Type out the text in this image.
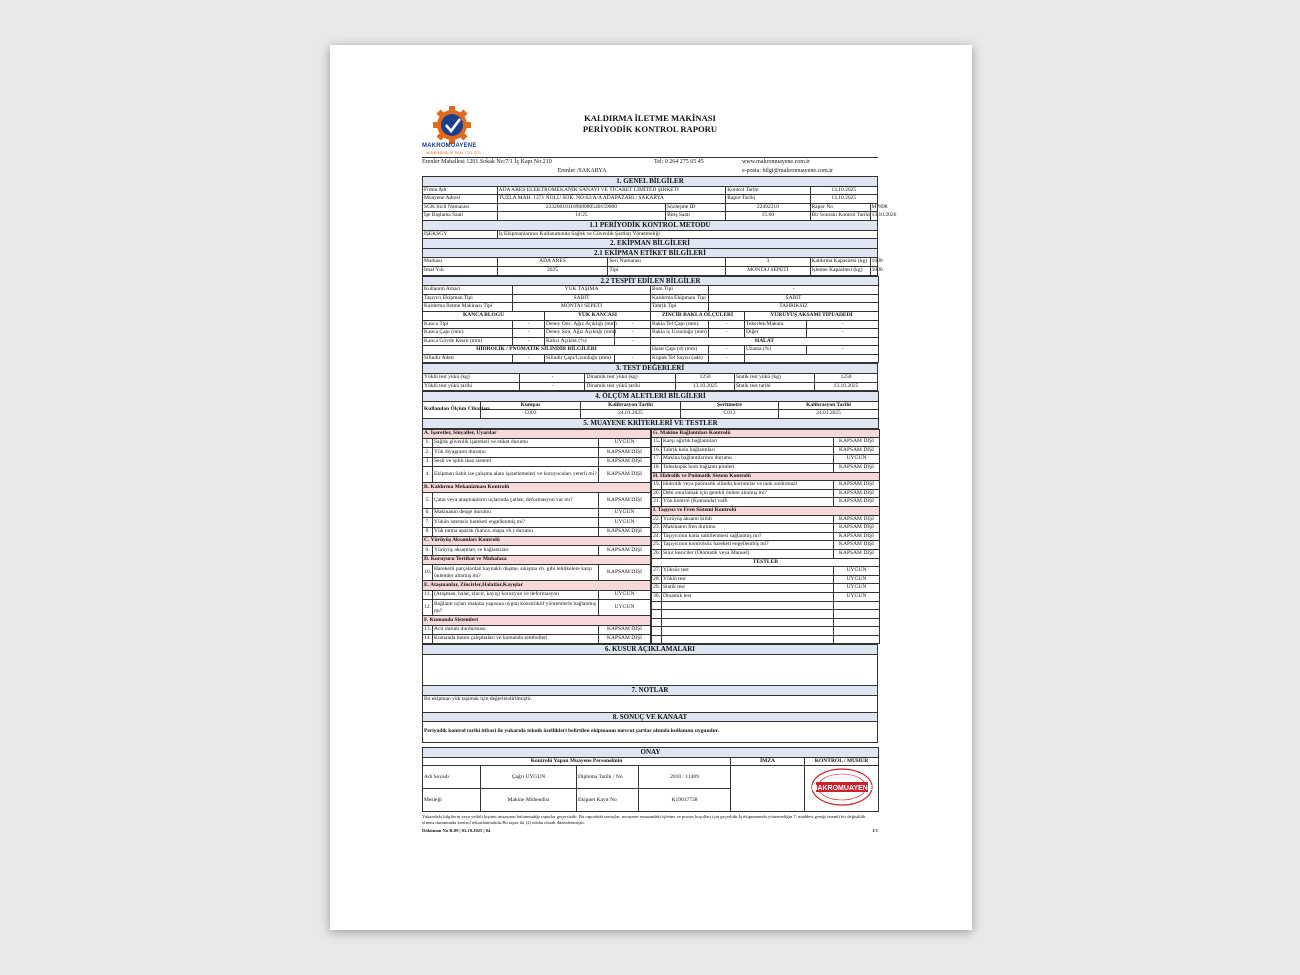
MAKROMUAYENE
MÜHENDİSLİK SAN. LTD. ŞTİ.
KALDIRMA İLETME MAKİNASI
PERİYODİK KONTROL RAPORU
Erenler Mahallesi 1201.Sokak No:7/1 İç Kapı No:210	Tel: 0 264 275 65 45	www.makromuayene.com.tr
Erenler /SAKARYA	e-posta: bilgi@makromuayene.com.tr
1. GENEL BİLGİLER						
Firma Adı	ADA ARES ELEKTROMEKANİK SANAYİ VE TİCARET LİMİTED ŞİRKETİ			Kontrol Tarihi	13.10.2025	
Muayene Adresi	TUZLA MAH. 1271 NOLU SOK. NO:62/A/A ADAPAZARI / SAKARYA			Rapor Tarihi	13.10.2025	
SGK Sicil Numarası	23320010110968080540159000		Sözleşme ID	22492210	Rapor No	M7898
İşe Başlama Saati	14:25		Bitiş Saati	15:00	Bir Sonraki Kontrol Tarihi	13.10.2026
1.1 PERİYODİK KONTROL METODU						
İŞEKSGŸ	İş Ekipmanlarının Kullanımında Sağlık ve Güvenlik Şartları Yönetmeliği					
2. EKİPMAN BİLGİLERİ						
2.1 EKİPMAN ETİKET BİLGİLERİ						
Markası	ADA ARES	Seri Numarası		3	Kaldırma Kapasitesi (kg)	1000
İmal Yılı	2025	Tipi		MONTAJ SEPETİ	İşletme Kapasitesi (kg)	1000
2.2 TESPİT EDİLEN BİLGİLER							
Kullanım Amacı	YÜK TAŞIMA			Bom Tipi	-		
Taşıyıcı Ekipman Tipi	SABİT			Kaldırma Ekipmanı Tipi	SABİT		
Kaldırma İletme Makinası Tipi	MONTAJ SEPETİ			Tahrik Tipi	TAHRİKSİZ		
KANCA BLOĞU		YÜK KANCASI		ZİNCİR BAKLA ÖLÇÜLERİ		YÜRÜYÜŞ AKSAMI TİPİ/ADEDİ	
Kanca Tipi	-	Deney Önc. Ağız Açıklığı (mm)	-	Bakla Tel Çapı (mm)	-	Tekerlek/Makara	-
Kanca Çapı (mm)	-	Deney Son. Ağız Açıklığı (mm)	-	Bakla iç Uzunluğu (mm)	-	Diğer	-
Kanca Gövde Kesiti (mm)	-	Kalıcı Açıklık (%)	-	HALAT			
HİDROLİK / PNÖMATİK SİLİNDİR BİLGİLERİ				Halat Çapı (d) (mm)	-	Uzama (%)	-
Silindir Adeti	-	Silindir Çapı/Uzunluğu (mm)	-	Kopuk Tel Sayısı (ade)	-		
3. TEST DEĞERLERİ					
Yüklü test yükü (kg)	-	Dinamik test yükü (kg)	1250	Statik test yükü (kg)	1250
Yüklü test yükü tarihi	-	Dinamik test yükü tarihi	13.10.2025	Statik test tarihi	13.10.2025
4. ÖLÇÜM ALETLERİ BİLGİLERİ				
Kullanılan Ölçüm Cihazları	Kumpas	Kalibrasyon Tarihi	Şeritmetre	Kalibrasyon Tarihi
	C003	24.01.2025	C013	24.01.2025
5. MUAYENE KRİTERLERİ VE TESTLER				
A. İşaretler, Sinyaller, Uyarılar		
1.	Sağlık güvenlik işaretleri ve etiket durumu	UYGUN
2.	Yük diyagramı durumu	KAPSAM DIŞI
3.	Sesli ve ışıklı ikaz sistemi	KAPSAM DIŞI
4.	Ekipman Sabit ise çalışma alanı işaretlemeleri ve koruyucuları yeterli mi?	KAPSAM DIŞI
B. Kaldırma Mekanizması Kontrolü		
5.	Çatal veya ataşmanların uçlarında çatlak, deformasyon var mı?	KAPSAM DIŞI
6.	Makinanın denge durumu	UYGUN
7.	Yükün istemsiz hareketi engellenmiş mi?	UYGUN
8.	Yük tutma aparatı (kanca, mapa vb.) durumu	KAPSAM DIŞI
C. Yürüyüş Aksamları Kontrolü		
9.	Yürüyüş aksamları ve bağlantıları	KAPSAM DIŞI
D. Koruyucu Tertibat ve Muhafaza		
10.	Hareketli parçalardan kaynaklı düşme, sıkışma vb. gibi tehlikelere karşı önlemler alınmış mı?	KAPSAM DIŞI
E. Ataşmanlar, Zincirler,Halatlar,Kayışlar		
11.	(Ataşman, halat, zincir, kayış) korozyon ve deformasyon	UYGUN
12.	Bağlantı uçları makina yapısına uygun konstrüktif yöntemlerle bağlanmış mı?	UYGUN
F. Kumanda Sistemleri		
13.	Acil durum durdurması	KAPSAM DIŞI
14.	Kumanda buton çalışmaları ve kumanda sembolleri	KAPSAM DIŞI
G. Makine Bağlantıları Kontrolü		
15.	Karşı ağırlık bağlantıları	KAPSAM DIŞI
16.	Tahrik kolu bağlantıları	KAPSAM DIŞI
17.	Makina bağlantılarının durumu	UYGUN
18.	Teleskopik bom bağlantı pimleri	KAPSAM DIŞI
H. Hidrolik ve Pnömatik Sistem Kontrolü		
19.	Hidrolik veya pnömatik silindir,hortumlar ve tank sızdırmazl	KAPSAM DIŞI
20.	Debi sınırlamak için gerekli önlem alınmış mı?	KAPSAM DIŞI
21.	Yön kontrol (Kumanda) valfi	KAPSAM DIŞI
I. Taşıyıcı ve Fren Sistemi Kontrolü		
22.	Yürüyüş aksamı kilidi	KAPSAM DIŞI
23.	Makinanın fren durumu	KAPSAM DIŞI
24.	Taşıyıcının katta sabitlenmesi sağlanmış mı?	KAPSAM DIŞI
25.	Taşıyıcının kontrolsüz hareketi engellenmiş mi?	KAPSAM DIŞI
26.	Sınır kesiciler (Otomatik veya Manuel)	KAPSAM DIŞI
TESTLER		
27.	Yüksüz test	UYGUN
28.	Yüklü test	UYGUN
29.	Statik test	UYGUN
30.	Dinamik test	UYGUN

6. KUSUR AÇIKLAMALARI

7. NOTLAR
Bu ekipman yük taşımak için değerlendirilmiştir.
8. SONUÇ VE KANAAT
Periyodik kontrol tarihi itibari ile yukarıda teknik özellikleri belirtilen ekipmanın mevcut şartlar altında kullanımı uygundur.
ONAY					
Kontrolü Yapan Muayene Personelinin				İMZA	KONTROL / MÜHÜR
Adı Soyadı	Çağrı UYGUN	Diploma Tarihi / No	2010 / 11409		MAKROMUAYENE

Mesleği	Makine Mühendisi	Ekipnet Kayıt No	K19017738		
Yukarıdaki bilgilerin veya yetkili kişinin imzasının bulunmadığı raporlar geçersizdir. Bu rapordaki sonuçlar, muayene esnasındaki işletme ve proses koşulları için geçerlidir.İş ekipmanında yönetmeliğin 7. maddesi gereği önemli bir değişiklik olması durumunda kontrol tekrarlanmalıdır.Bu rapor iki (2) nüsha olarak düzenlenmiştir.
Döküman No R.09 | 03.10.2025 | 04	1/1
